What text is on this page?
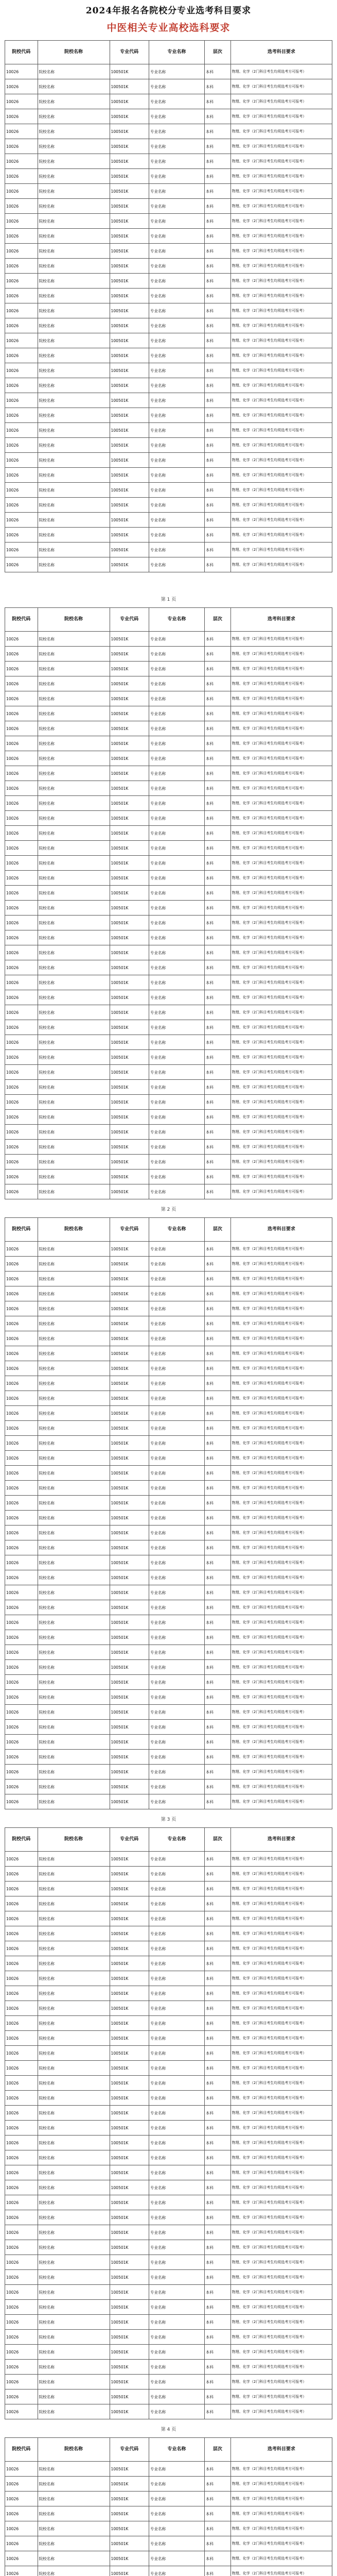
2024年报名各院校分专业选考科目要求
中医相关专业高校选科要求
院校代码	院校名称	专业代码	专业名称	层次	选考科目要求
10026	院校名称	100501K	专业名称	本科	物理、化学（2门科目考生均须选考方可报考）
10026	院校名称	100501K	专业名称	本科	物理、化学（2门科目考生均须选考方可报考）
10026	院校名称	100501K	专业名称	本科	物理、化学（2门科目考生均须选考方可报考）
10026	院校名称	100501K	专业名称	本科	物理、化学（2门科目考生均须选考方可报考）
10026	院校名称	100501K	专业名称	本科	物理、化学（2门科目考生均须选考方可报考）
10026	院校名称	100501K	专业名称	本科	物理、化学（2门科目考生均须选考方可报考）
10026	院校名称	100501K	专业名称	本科	物理、化学（2门科目考生均须选考方可报考）
10026	院校名称	100501K	专业名称	本科	物理、化学（2门科目考生均须选考方可报考）
10026	院校名称	100501K	专业名称	本科	物理、化学（2门科目考生均须选考方可报考）
10026	院校名称	100501K	专业名称	本科	物理、化学（2门科目考生均须选考方可报考）
10026	院校名称	100501K	专业名称	本科	物理、化学（2门科目考生均须选考方可报考）
10026	院校名称	100501K	专业名称	本科	物理、化学（2门科目考生均须选考方可报考）
10026	院校名称	100501K	专业名称	本科	物理、化学（2门科目考生均须选考方可报考）
10026	院校名称	100501K	专业名称	本科	物理、化学（2门科目考生均须选考方可报考）
10026	院校名称	100501K	专业名称	本科	物理、化学（2门科目考生均须选考方可报考）
10026	院校名称	100501K	专业名称	本科	物理、化学（2门科目考生均须选考方可报考）
10026	院校名称	100501K	专业名称	本科	物理、化学（2门科目考生均须选考方可报考）
10026	院校名称	100501K	专业名称	本科	物理、化学（2门科目考生均须选考方可报考）
10026	院校名称	100501K	专业名称	本科	物理、化学（2门科目考生均须选考方可报考）
10026	院校名称	100501K	专业名称	本科	物理、化学（2门科目考生均须选考方可报考）
10026	院校名称	100501K	专业名称	本科	物理、化学（2门科目考生均须选考方可报考）
10026	院校名称	100501K	专业名称	本科	物理、化学（2门科目考生均须选考方可报考）
10026	院校名称	100501K	专业名称	本科	物理、化学（2门科目考生均须选考方可报考）
10026	院校名称	100501K	专业名称	本科	物理、化学（2门科目考生均须选考方可报考）
10026	院校名称	100501K	专业名称	本科	物理、化学（2门科目考生均须选考方可报考）
10026	院校名称	100501K	专业名称	本科	物理、化学（2门科目考生均须选考方可报考）
10026	院校名称	100501K	专业名称	本科	物理、化学（2门科目考生均须选考方可报考）
10026	院校名称	100501K	专业名称	本科	物理、化学（2门科目考生均须选考方可报考）
10026	院校名称	100501K	专业名称	本科	物理、化学（2门科目考生均须选考方可报考）
10026	院校名称	100501K	专业名称	本科	物理、化学（2门科目考生均须选考方可报考）
10026	院校名称	100501K	专业名称	本科	物理、化学（2门科目考生均须选考方可报考）
10026	院校名称	100501K	专业名称	本科	物理、化学（2门科目考生均须选考方可报考）
10026	院校名称	100501K	专业名称	本科	物理、化学（2门科目考生均须选考方可报考）
10026	院校名称	100501K	专业名称	本科	物理、化学（2门科目考生均须选考方可报考）
第 1 页
院校代码	院校名称	专业代码	专业名称	层次	选考科目要求
10026	院校名称	100501K	专业名称	本科	物理、化学（2门科目考生均须选考方可报考）
10026	院校名称	100501K	专业名称	本科	物理、化学（2门科目考生均须选考方可报考）
10026	院校名称	100501K	专业名称	本科	物理、化学（2门科目考生均须选考方可报考）
10026	院校名称	100501K	专业名称	本科	物理、化学（2门科目考生均须选考方可报考）
10026	院校名称	100501K	专业名称	本科	物理、化学（2门科目考生均须选考方可报考）
10026	院校名称	100501K	专业名称	本科	物理、化学（2门科目考生均须选考方可报考）
10026	院校名称	100501K	专业名称	本科	物理、化学（2门科目考生均须选考方可报考）
10026	院校名称	100501K	专业名称	本科	物理、化学（2门科目考生均须选考方可报考）
10026	院校名称	100501K	专业名称	本科	物理、化学（2门科目考生均须选考方可报考）
10026	院校名称	100501K	专业名称	本科	物理、化学（2门科目考生均须选考方可报考）
10026	院校名称	100501K	专业名称	本科	物理、化学（2门科目考生均须选考方可报考）
10026	院校名称	100501K	专业名称	本科	物理、化学（2门科目考生均须选考方可报考）
10026	院校名称	100501K	专业名称	本科	物理、化学（2门科目考生均须选考方可报考）
10026	院校名称	100501K	专业名称	本科	物理、化学（2门科目考生均须选考方可报考）
10026	院校名称	100501K	专业名称	本科	物理、化学（2门科目考生均须选考方可报考）
10026	院校名称	100501K	专业名称	本科	物理、化学（2门科目考生均须选考方可报考）
10026	院校名称	100501K	专业名称	本科	物理、化学（2门科目考生均须选考方可报考）
10026	院校名称	100501K	专业名称	本科	物理、化学（2门科目考生均须选考方可报考）
10026	院校名称	100501K	专业名称	本科	物理、化学（2门科目考生均须选考方可报考）
10026	院校名称	100501K	专业名称	本科	物理、化学（2门科目考生均须选考方可报考）
10026	院校名称	100501K	专业名称	本科	物理、化学（2门科目考生均须选考方可报考）
10026	院校名称	100501K	专业名称	本科	物理、化学（2门科目考生均须选考方可报考）
10026	院校名称	100501K	专业名称	本科	物理、化学（2门科目考生均须选考方可报考）
10026	院校名称	100501K	专业名称	本科	物理、化学（2门科目考生均须选考方可报考）
10026	院校名称	100501K	专业名称	本科	物理、化学（2门科目考生均须选考方可报考）
10026	院校名称	100501K	专业名称	本科	物理、化学（2门科目考生均须选考方可报考）
10026	院校名称	100501K	专业名称	本科	物理、化学（2门科目考生均须选考方可报考）
10026	院校名称	100501K	专业名称	本科	物理、化学（2门科目考生均须选考方可报考）
10026	院校名称	100501K	专业名称	本科	物理、化学（2门科目考生均须选考方可报考）
10026	院校名称	100501K	专业名称	本科	物理、化学（2门科目考生均须选考方可报考）
10026	院校名称	100501K	专业名称	本科	物理、化学（2门科目考生均须选考方可报考）
10026	院校名称	100501K	专业名称	本科	物理、化学（2门科目考生均须选考方可报考）
10026	院校名称	100501K	专业名称	本科	物理、化学（2门科目考生均须选考方可报考）
10026	院校名称	100501K	专业名称	本科	物理、化学（2门科目考生均须选考方可报考）
10026	院校名称	100501K	专业名称	本科	物理、化学（2门科目考生均须选考方可报考）
10026	院校名称	100501K	专业名称	本科	物理、化学（2门科目考生均须选考方可报考）
10026	院校名称	100501K	专业名称	本科	物理、化学（2门科目考生均须选考方可报考）
10026	院校名称	100501K	专业名称	本科	物理、化学（2门科目考生均须选考方可报考）
第 2 页
院校代码	院校名称	专业代码	专业名称	层次	选考科目要求
10026	院校名称	100501K	专业名称	本科	物理、化学（2门科目考生均须选考方可报考）
10026	院校名称	100501K	专业名称	本科	物理、化学（2门科目考生均须选考方可报考）
10026	院校名称	100501K	专业名称	本科	物理、化学（2门科目考生均须选考方可报考）
10026	院校名称	100501K	专业名称	本科	物理、化学（2门科目考生均须选考方可报考）
10026	院校名称	100501K	专业名称	本科	物理、化学（2门科目考生均须选考方可报考）
10026	院校名称	100501K	专业名称	本科	物理、化学（2门科目考生均须选考方可报考）
10026	院校名称	100501K	专业名称	本科	物理、化学（2门科目考生均须选考方可报考）
10026	院校名称	100501K	专业名称	本科	物理、化学（2门科目考生均须选考方可报考）
10026	院校名称	100501K	专业名称	本科	物理、化学（2门科目考生均须选考方可报考）
10026	院校名称	100501K	专业名称	本科	物理、化学（2门科目考生均须选考方可报考）
10026	院校名称	100501K	专业名称	本科	物理、化学（2门科目考生均须选考方可报考）
10026	院校名称	100501K	专业名称	本科	物理、化学（2门科目考生均须选考方可报考）
10026	院校名称	100501K	专业名称	本科	物理、化学（2门科目考生均须选考方可报考）
10026	院校名称	100501K	专业名称	本科	物理、化学（2门科目考生均须选考方可报考）
10026	院校名称	100501K	专业名称	本科	物理、化学（2门科目考生均须选考方可报考）
10026	院校名称	100501K	专业名称	本科	物理、化学（2门科目考生均须选考方可报考）
10026	院校名称	100501K	专业名称	本科	物理、化学（2门科目考生均须选考方可报考）
10026	院校名称	100501K	专业名称	本科	物理、化学（2门科目考生均须选考方可报考）
10026	院校名称	100501K	专业名称	本科	物理、化学（2门科目考生均须选考方可报考）
10026	院校名称	100501K	专业名称	本科	物理、化学（2门科目考生均须选考方可报考）
10026	院校名称	100501K	专业名称	本科	物理、化学（2门科目考生均须选考方可报考）
10026	院校名称	100501K	专业名称	本科	物理、化学（2门科目考生均须选考方可报考）
10026	院校名称	100501K	专业名称	本科	物理、化学（2门科目考生均须选考方可报考）
10026	院校名称	100501K	专业名称	本科	物理、化学（2门科目考生均须选考方可报考）
10026	院校名称	100501K	专业名称	本科	物理、化学（2门科目考生均须选考方可报考）
10026	院校名称	100501K	专业名称	本科	物理、化学（2门科目考生均须选考方可报考）
10026	院校名称	100501K	专业名称	本科	物理、化学（2门科目考生均须选考方可报考）
10026	院校名称	100501K	专业名称	本科	物理、化学（2门科目考生均须选考方可报考）
10026	院校名称	100501K	专业名称	本科	物理、化学（2门科目考生均须选考方可报考）
10026	院校名称	100501K	专业名称	本科	物理、化学（2门科目考生均须选考方可报考）
10026	院校名称	100501K	专业名称	本科	物理、化学（2门科目考生均须选考方可报考）
10026	院校名称	100501K	专业名称	本科	物理、化学（2门科目考生均须选考方可报考）
10026	院校名称	100501K	专业名称	本科	物理、化学（2门科目考生均须选考方可报考）
10026	院校名称	100501K	专业名称	本科	物理、化学（2门科目考生均须选考方可报考）
10026	院校名称	100501K	专业名称	本科	物理、化学（2门科目考生均须选考方可报考）
10026	院校名称	100501K	专业名称	本科	物理、化学（2门科目考生均须选考方可报考）
10026	院校名称	100501K	专业名称	本科	物理、化学（2门科目考生均须选考方可报考）
10026	院校名称	100501K	专业名称	本科	物理、化学（2门科目考生均须选考方可报考）
第 3 页
院校代码	院校名称	专业代码	专业名称	层次	选考科目要求
10026	院校名称	100501K	专业名称	本科	物理、化学（2门科目考生均须选考方可报考）
10026	院校名称	100501K	专业名称	本科	物理、化学（2门科目考生均须选考方可报考）
10026	院校名称	100501K	专业名称	本科	物理、化学（2门科目考生均须选考方可报考）
10026	院校名称	100501K	专业名称	本科	物理、化学（2门科目考生均须选考方可报考）
10026	院校名称	100501K	专业名称	本科	物理、化学（2门科目考生均须选考方可报考）
10026	院校名称	100501K	专业名称	本科	物理、化学（2门科目考生均须选考方可报考）
10026	院校名称	100501K	专业名称	本科	物理、化学（2门科目考生均须选考方可报考）
10026	院校名称	100501K	专业名称	本科	物理、化学（2门科目考生均须选考方可报考）
10026	院校名称	100501K	专业名称	本科	物理、化学（2门科目考生均须选考方可报考）
10026	院校名称	100501K	专业名称	本科	物理、化学（2门科目考生均须选考方可报考）
10026	院校名称	100501K	专业名称	本科	物理、化学（2门科目考生均须选考方可报考）
10026	院校名称	100501K	专业名称	本科	物理、化学（2门科目考生均须选考方可报考）
10026	院校名称	100501K	专业名称	本科	物理、化学（2门科目考生均须选考方可报考）
10026	院校名称	100501K	专业名称	本科	物理、化学（2门科目考生均须选考方可报考）
10026	院校名称	100501K	专业名称	本科	物理、化学（2门科目考生均须选考方可报考）
10026	院校名称	100501K	专业名称	本科	物理、化学（2门科目考生均须选考方可报考）
10026	院校名称	100501K	专业名称	本科	物理、化学（2门科目考生均须选考方可报考）
10026	院校名称	100501K	专业名称	本科	物理、化学（2门科目考生均须选考方可报考）
10026	院校名称	100501K	专业名称	本科	物理、化学（2门科目考生均须选考方可报考）
10026	院校名称	100501K	专业名称	本科	物理、化学（2门科目考生均须选考方可报考）
10026	院校名称	100501K	专业名称	本科	物理、化学（2门科目考生均须选考方可报考）
10026	院校名称	100501K	专业名称	本科	物理、化学（2门科目考生均须选考方可报考）
10026	院校名称	100501K	专业名称	本科	物理、化学（2门科目考生均须选考方可报考）
10026	院校名称	100501K	专业名称	本科	物理、化学（2门科目考生均须选考方可报考）
10026	院校名称	100501K	专业名称	本科	物理、化学（2门科目考生均须选考方可报考）
10026	院校名称	100501K	专业名称	本科	物理、化学（2门科目考生均须选考方可报考）
10026	院校名称	100501K	专业名称	本科	物理、化学（2门科目考生均须选考方可报考）
10026	院校名称	100501K	专业名称	本科	物理、化学（2门科目考生均须选考方可报考）
10026	院校名称	100501K	专业名称	本科	物理、化学（2门科目考生均须选考方可报考）
10026	院校名称	100501K	专业名称	本科	物理、化学（2门科目考生均须选考方可报考）
10026	院校名称	100501K	专业名称	本科	物理、化学（2门科目考生均须选考方可报考）
10026	院校名称	100501K	专业名称	本科	物理、化学（2门科目考生均须选考方可报考）
10026	院校名称	100501K	专业名称	本科	物理、化学（2门科目考生均须选考方可报考）
10026	院校名称	100501K	专业名称	本科	物理、化学（2门科目考生均须选考方可报考）
10026	院校名称	100501K	专业名称	本科	物理、化学（2门科目考生均须选考方可报考）
10026	院校名称	100501K	专业名称	本科	物理、化学（2门科目考生均须选考方可报考）
10026	院校名称	100501K	专业名称	本科	物理、化学（2门科目考生均须选考方可报考）
10026	院校名称	100501K	专业名称	本科	物理、化学（2门科目考生均须选考方可报考）
第 4 页
院校代码	院校名称	专业代码	专业名称	层次	选考科目要求
10026	院校名称	100501K	专业名称	本科	物理、化学（2门科目考生均须选考方可报考）
10026	院校名称	100501K	专业名称	本科	物理、化学（2门科目考生均须选考方可报考）
10026	院校名称	100501K	专业名称	本科	物理、化学（2门科目考生均须选考方可报考）
10026	院校名称	100501K	专业名称	本科	物理、化学（2门科目考生均须选考方可报考）
10026	院校名称	100501K	专业名称	本科	物理、化学（2门科目考生均须选考方可报考）
10026	院校名称	100501K	专业名称	本科	物理、化学（2门科目考生均须选考方可报考）
10026	院校名称	100501K	专业名称	本科	物理、化学（2门科目考生均须选考方可报考）
10026	院校名称	100501K	专业名称	本科	物理、化学（2门科目考生均须选考方可报考）
